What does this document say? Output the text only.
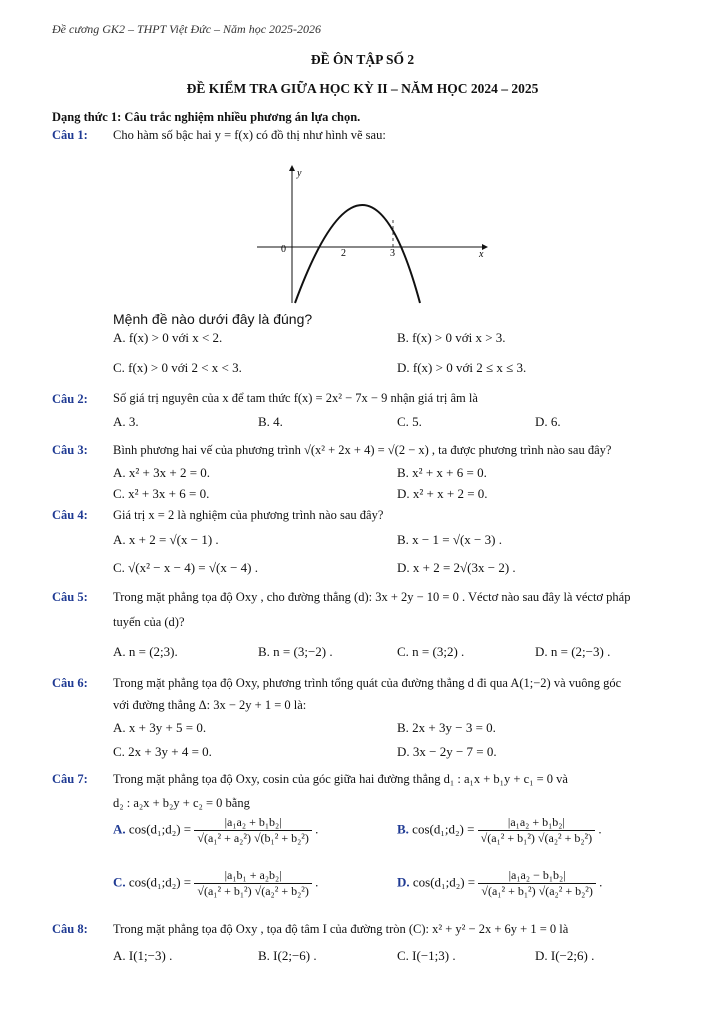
Đề cương GK2 – THPT Việt Đức – Năm học 2025-2026
ĐỀ ÔN TẬP SỐ 2
ĐỀ KIỂM TRA GIỮA HỌC KỲ II – NĂM HỌC 2024 – 2025
Dạng thức 1: Câu trắc nghiệm nhiều phương án lựa chọn.
Câu 1: Cho hàm số bậc hai y = f(x) có đồ thị như hình vẽ sau:
0	2	3	x
y
Mệnh đề nào dưới đây là đúng?
A. f(x) > 0 với x < 2.	B. f(x) > 0 với x > 3.
C. f(x) > 0 với 2 < x < 3.	D. f(x) > 0 với 2 ≤ x ≤ 3.
Câu 2: Số giá trị nguyên của x để tam thức f(x) = 2x² − 7x − 9 nhận giá trị âm là
A. 3.	B. 4.	C. 5.	D. 6.
Câu 3: Bình phương hai vế của phương trình √(x² + 2x + 4) = √(2 − x) , ta được phương trình nào sau đây?
A. x² + 3x + 2 = 0.	B. x² + x + 6 = 0.
C. x² + 3x + 6 = 0.	D. x² + x + 2 = 0.
Câu 4: Giá trị x = 2 là nghiệm của phương trình nào sau đây?
A. x + 2 = √(x − 1) .	B. x − 1 = √(x − 3) .
C. √(x² − x − 4) = √(x − 4) .	D. x + 2 = 2√(3x − 2) .
Câu 5: Trong mặt phẳng tọa độ Oxy , cho đường thẳng (d): 3x + 2y − 10 = 0 . Véctơ nào sau đây là véctơ pháp
tuyến của (d)?
A. n = (2;3).	B. n = (3;−2) .	C. n = (3;2) .	D. n = (2;−3) .
Câu 6: Trong mặt phẳng tọa độ Oxy, phương trình tổng quát của đường thẳng d đi qua A(1;−2) và vuông góc
với đường thẳng Δ: 3x − 2y + 1 = 0 là:
A. x + 3y + 5 = 0.	B. 2x + 3y − 3 = 0.
C. 2x + 3y + 4 = 0.	D. 3x − 2y − 7 = 0.
Câu 7: Trong mặt phẳng tọa độ Oxy, cosin của góc giữa hai đường thẳng d₁ : a₁x + b₁y + c₁ = 0 và
d₂ : a₂x + b₂y + c₂ = 0 bằng
A. cos(d₁;d₂) = $\frac{\text{|a₁a₂ + b₁b₂|}}{\text{√(a₁² + a₂²) √(b₁² + b₂²)}}$ .	B. cos(d₁;d₂) = $\frac{\text{|a₁a₂ + b₁b₂|}}{\text{√(a₁² + b₁²) √(a₂² + b₂²)}}$ .
C. cos(d₁;d₂) = $\frac{\text{|a₁b₁ + a₂b₂|}}{\text{√(a₁² + b₁²) √(a₂² + b₂²)}}$ .	D. cos(d₁;d₂) = $\frac{\text{|a₁a₂ − b₁b₂|}}{\text{√(a₁² + b₁²) √(a₂² + b₂²)}}$ .
Câu 8: Trong mặt phẳng tọa độ Oxy , tọa độ tâm I của đường tròn (C): x² + y² − 2x + 6y + 1 = 0 là
A. I(1;−3) .	B. I(2;−6) .	C. I(−1;3) .	D. I(−2;6) .
